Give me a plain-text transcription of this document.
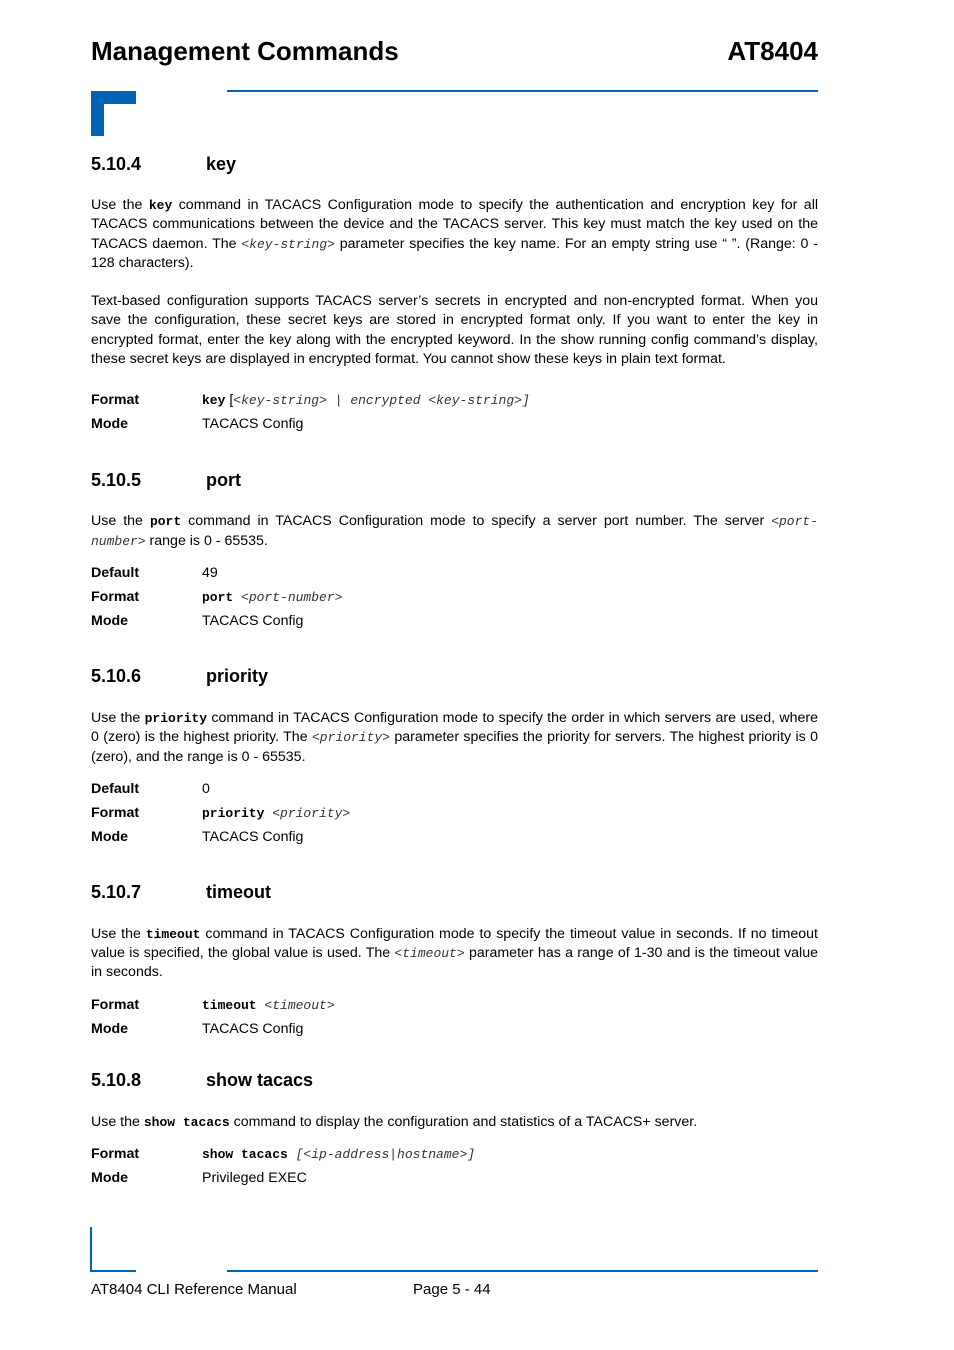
Management Commands	AT8404
5.10.4	key

Use the key command in TACACS Configuration mode to specify the authentication and encryption key for all TACACS communications between the device and the TACACS server. This key must match the key used on the TACACS daemon. The <key-string> parameter specifies the key name. For an empty string use “ ”. (Range: 0 - 128 characters).

Text-based configuration supports TACACS server’s secrets in encrypted and non-encrypted format. When you save the configuration, these secret keys are stored in encrypted format only. If you want to enter the key in encrypted format, enter the key along with the encrypted keyword. In the show running config command’s display, these secret keys are displayed in encrypted format. You cannot show these keys in plain text format.

Format	key [<key-string> | encrypted <key-string>]
Mode	TACACS Config
5.10.5	port

Use the port command in TACACS Configuration mode to specify a server port number. The server <port-number> range is 0 - 65535.

Default	49
Format	port <port-number>
Mode	TACACS Config
5.10.6	priority

Use the priority command in TACACS Configuration mode to specify the order in which servers are used, where 0 (zero) is the highest priority. The <priority> parameter specifies the priority for servers. The highest priority is 0 (zero), and the range is 0 - 65535.

Default	0
Format	priority <priority>
Mode	TACACS Config
5.10.7	timeout

Use the timeout command in TACACS Configuration mode to specify the timeout value in seconds. If no timeout value is specified, the global value is used. The <timeout> parameter has a range of 1-30 and is the timeout value in seconds.

Format	timeout <timeout>
Mode	TACACS Config
5.10.8	show tacacs

Use the show tacacs command to display the configuration and statistics of a TACACS+ server.

Format	show tacacs [<ip-address|hostname>]
Mode	Privileged EXEC
AT8404 CLI Reference Manual	Page 5 - 44
